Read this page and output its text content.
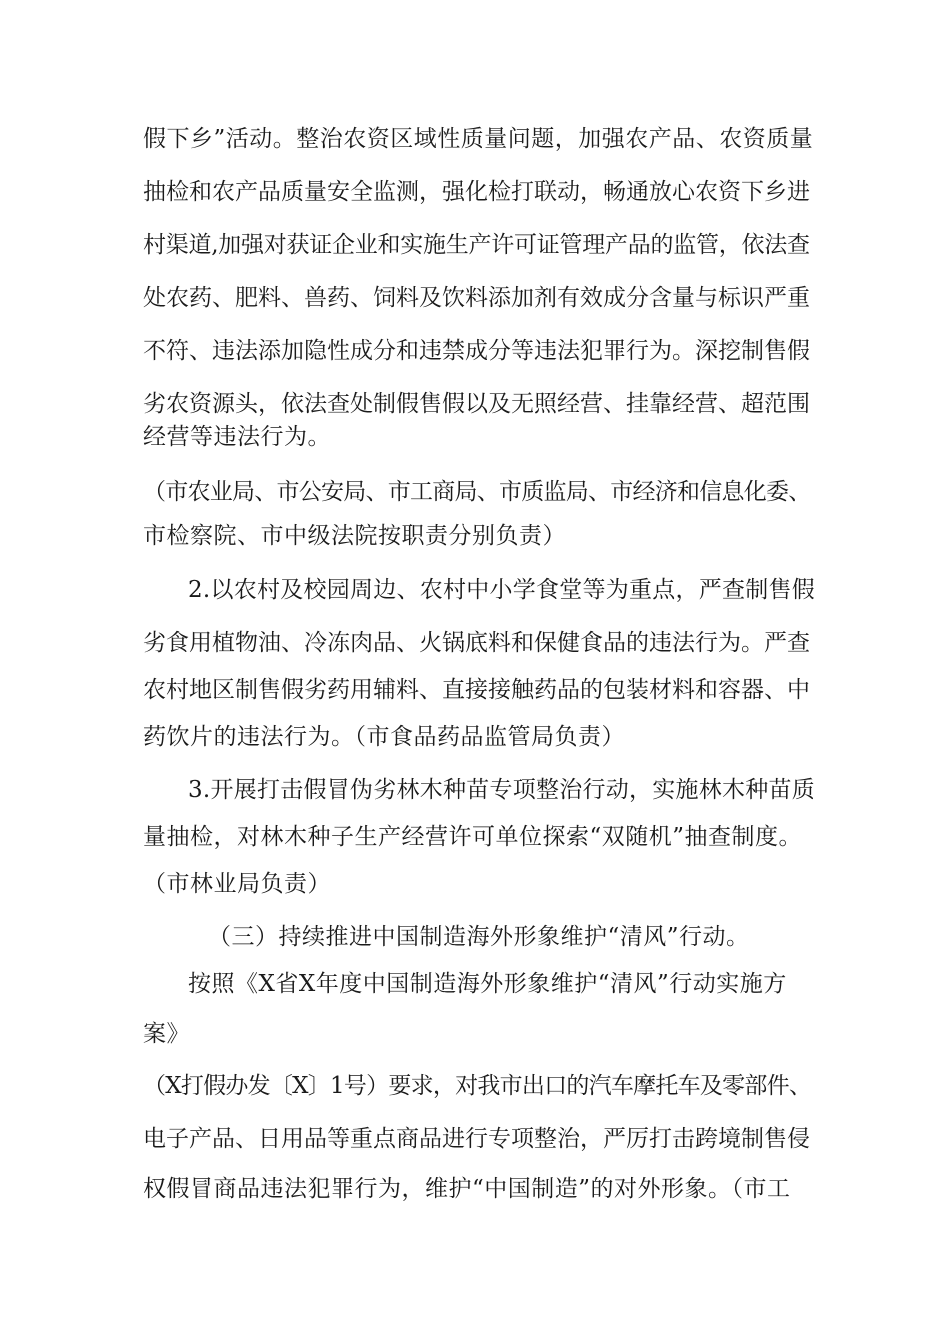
假下乡”活动。整治农资区域性质量问题，加强农产品、农资质量
抽检和农产品质量安全监测，强化检打联动，畅通放心农资下乡进
村渠道,加强对获证企业和实施生产许可证管理产品的监管，依法查
处农药、肥料、兽药、饲料及饮料添加剂有效成分含量与标识严重
不符、违法添加隐性成分和违禁成分等违法犯罪行为。深挖制售假
劣农资源头，依法查处制假售假以及无照经营、挂靠经营、超范围
经营等违法行为。
（市农业局、市公安局、市工商局、市质监局、市经济和信息化委、
市检察院、市中级法院按职责分别负责）
2.以农村及校园周边、农村中小学食堂等为重点，严查制售假
劣食用植物油、冷冻肉品、火锅底料和保健食品的违法行为。严查
农村地区制售假劣药用辅料、直接接触药品的包装材料和容器、中
药饮片的违法行为。（市食品药品监管局负责）
3.开展打击假冒伪劣林木种苗专项整治行动，实施林木种苗质
量抽检，对林木种子生产经营许可单位探索“双随机”抽查制度。
（市林业局负责）
（三）持续推进中国制造海外形象维护“清风”行动。
按照《X省X年度中国制造海外形象维护“清风”行动实施方
案》
（X打假办发〔X〕1号）要求，对我市出口的汽车摩托车及零部件、
电子产品、日用品等重点商品进行专项整治，严厉打击跨境制售侵
权假冒商品违法犯罪行为，维护“中国制造”的对外形象。（市工
